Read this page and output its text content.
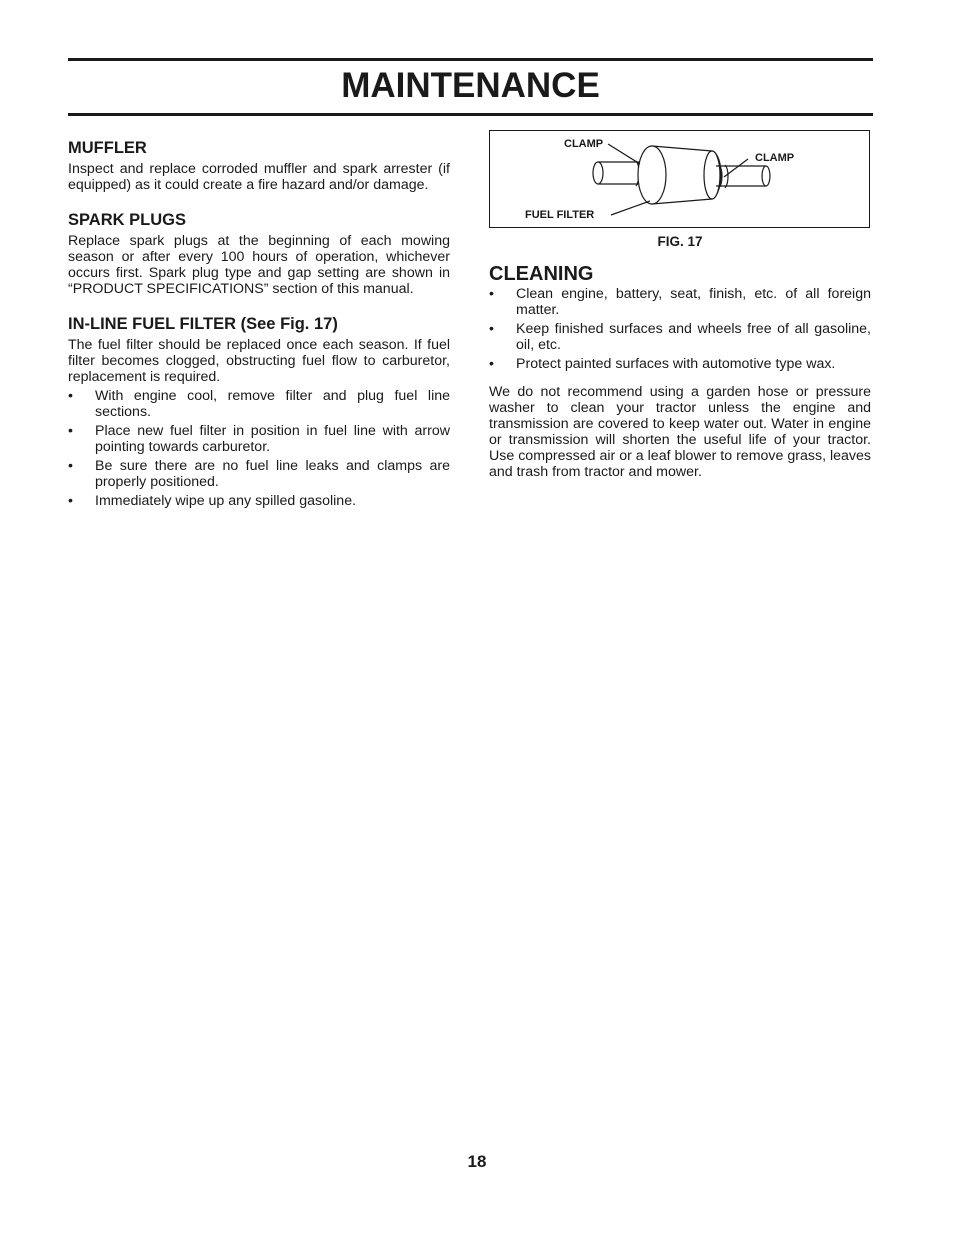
MAINTENANCE
MUFFLER

Inspect and replace corroded muffler and spark arrester (if equipped) as it could create a fire hazard and/or damage.

SPARK PLUGS

Replace spark plugs at the beginning of each mowing season or after every 100 hours of operation, whichever occurs first. Spark plug type and gap setting are shown in “PRODUCT SPECIFICATIONS” section of this manual.

IN-LINE FUEL FILTER (See Fig. 17)

The fuel filter should be replaced once each season. If fuel filter becomes clogged, obstructing fuel flow to carburetor, replacement is required.

• With engine cool, remove filter and plug fuel line sections.
• Place new fuel filter in position in fuel line with arrow pointing towards carburetor.
• Be sure there are no fuel line leaks and clamps are properly positioned.
• Immediately wipe up any spilled gasoline.
CLAMP
CLAMP
FUEL FILTER
FIG. 17
CLEANING
• Clean engine, battery, seat, finish, etc. of all foreign matter.
• Keep finished surfaces and wheels free of all gasoline, oil, etc.
• Protect painted surfaces with automotive type wax.

We do not recommend using a garden hose or pressure washer to clean your tractor unless the engine and transmission are covered to keep water out. Water in engine or transmission will shorten the useful life of your tractor. Use compressed air or a leaf blower to remove grass, leaves and trash from tractor and mower.

18
